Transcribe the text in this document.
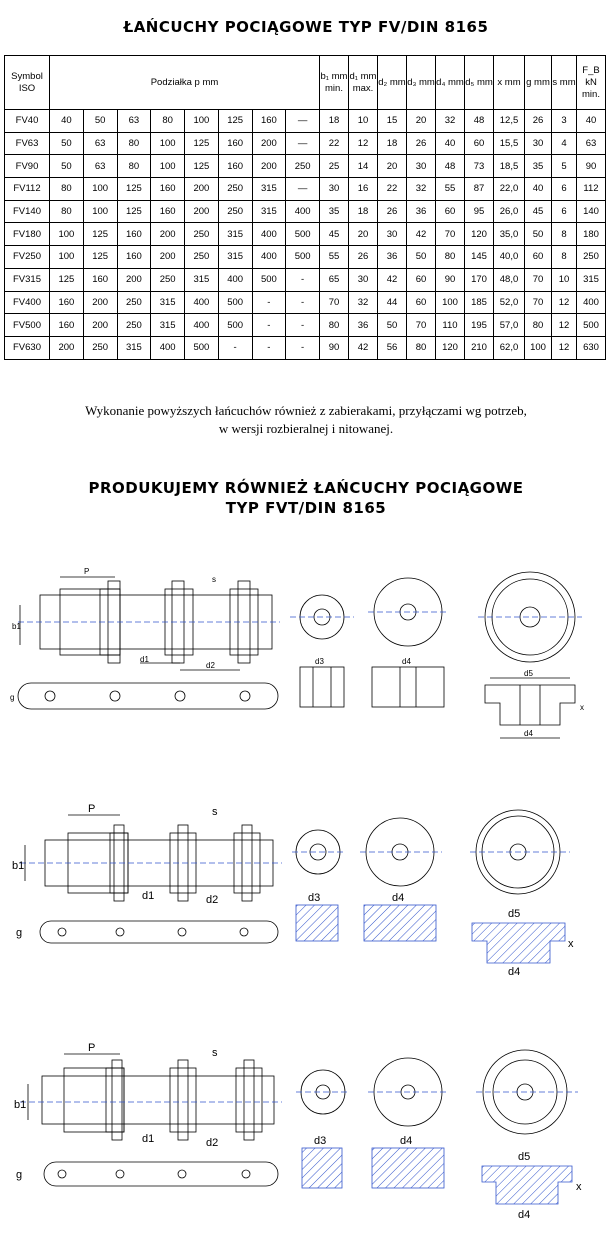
ŁAŃCUCHY POCIĄGOWE TYP FV/DIN 8165
Symbol ISO	Podziałka p mm								b₁ mm min.	d₁ mm max.	d₂ mm	d₃ mm	d₄ mm	d₅ mm	x mm	g mm	s mm	F_B kN min.
FV40	40	50	63	80	100	125	160	—	18	10	15	20	32	48	12,5	26	3	40
FV63	50	63	80	100	125	160	200	—	22	12	18	26	40	60	15,5	30	4	63
FV90	50	63	80	100	125	160	200	250	25	14	20	30	48	73	18,5	35	5	90
FV112	80	100	125	160	200	250	315	—	30	16	22	32	55	87	22,0	40	6	112
FV140	80	100	125	160	200	250	315	400	35	18	26	36	60	95	26,0	45	6	140
FV180	100	125	160	200	250	315	400	500	45	20	30	42	70	120	35,0	50	8	180
FV250	100	125	160	200	250	315	400	500	55	26	36	50	80	145	40,0	60	8	250
FV315	125	160	200	250	315	400	500	-	65	30	42	60	90	170	48,0	70	10	315
FV400	160	200	250	315	400	500	-	-	70	32	44	60	100	185	52,0	70	12	400
FV500	160	200	250	315	400	500	-	-	80	36	50	70	110	195	57,0	80	12	500
FV630	200	250	315	400	500	-	-	-	90	42	56	80	120	210	62,0	100	12	630
Wykonanie powyższych łańcuchów również z zabierakami, przyłączami wg potrzeb,
w wersji rozbieralnej i nitowanej.
PRODUKUJEMY RÓWNIEŻ ŁAŃCUCHY POCIĄGOWE
TYP FVT/DIN 8165
P
s
b1
d1
d2
g
d3	d4
d5
x
d4
P	s
b1
d1	d2
g
d3	d4
d5
x
d4
P	s
b1
d1	d2
g
d3	d4
d5
x
d4
